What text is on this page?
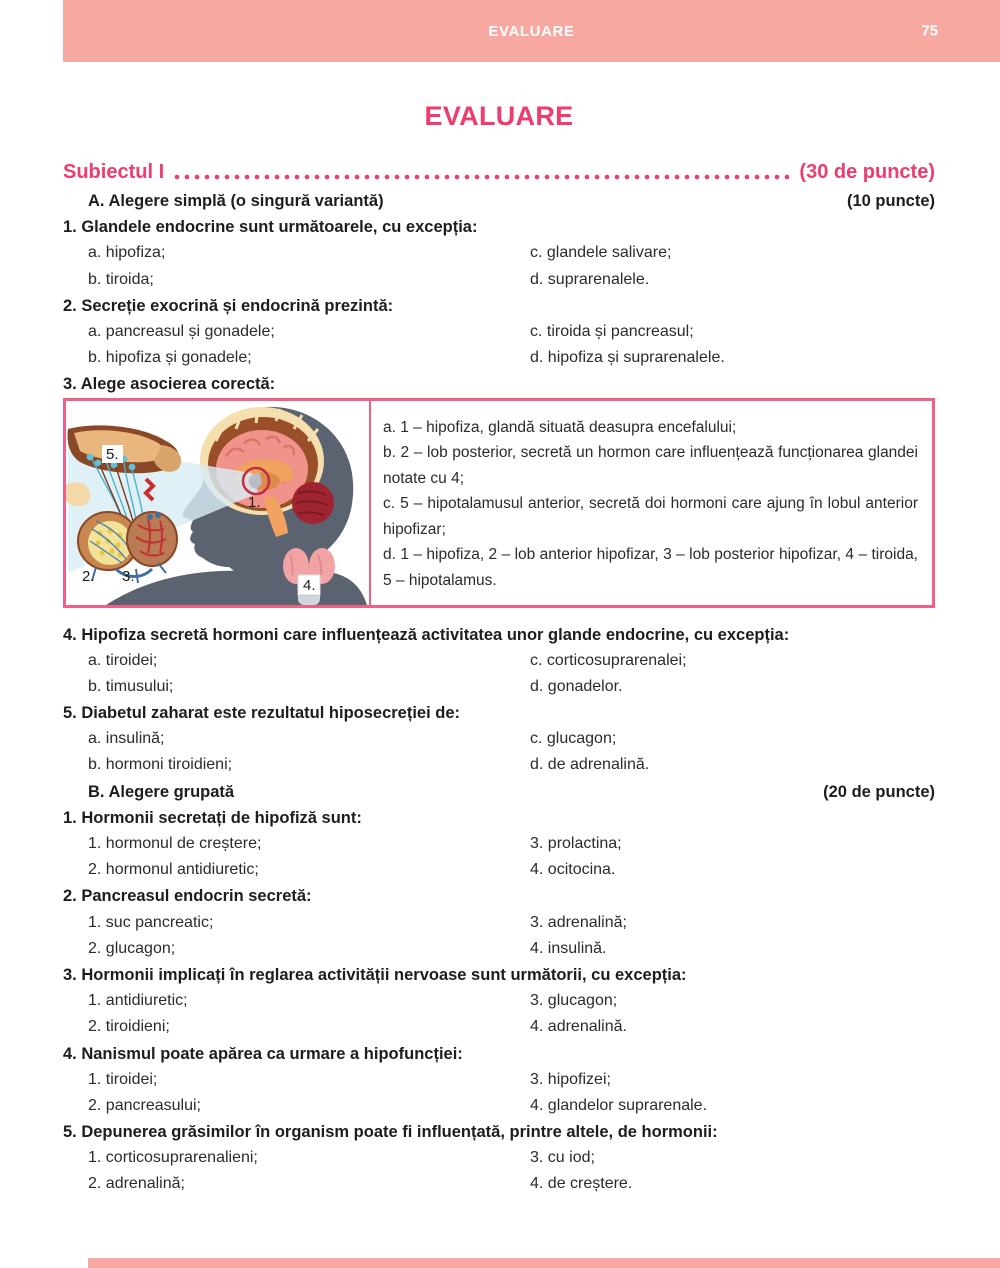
EVALUARE	75
EVALUARE
Subiectul I	(30 de puncte)
A. Alegere simplă (o singură variantă)	(10 puncte)
1. Glandele endocrine sunt următoarele, cu excepția:
a. hipofiza;	c. glandele salivare;
b. tiroida;	d. suprarenalele.
2. Secreție exocrină și endocrină prezintă:
a. pancreasul și gonadele;	c. tiroida și pancreasul;
b. hipofiza și gonadele;	d. hipofiza și suprarenalele.
3. Alege asocierea corectă:
5.
1.
2. 3.
4.

a. 1 – hipofiza, glandă situată deasupra encefalului;

b. 2 – lob posterior, secretă un hormon care influențează funcționarea glandei notate cu 4;

c. 5 – hipotalamusul anterior, secretă doi hormoni care ajung în lobul anterior hipofizar;

d. 1 – hipofiza, 2 – lob anterior hipofizar, 3 – lob posterior hipofizar, 4 – tiroida, 5 – hipotalamus.

4. Hipofiza secretă hormoni care influențează activitatea unor glande endocrine, cu excepția:
a. tiroidei;	c. corticosuprarenalei;
b. timusului;	d. gonadelor.
5. Diabetul zaharat este rezultatul hiposecreției de:
a. insulină;	c. glucagon;
b. hormoni tiroidieni;	d. de adrenalină.
B. Alegere grupată	(20 de puncte)
1. Hormonii secretați de hipofiză sunt:
1. hormonul de creștere;	3. prolactina;
2. hormonul antidiuretic;	4. ocitocina.
2. Pancreasul endocrin secretă:
1. suc pancreatic;	3. adrenalină;
2. glucagon;	4. insulină.
3. Hormonii implicați în reglarea activității nervoase sunt următorii, cu excepția:
1. antidiuretic;	3. glucagon;
2. tiroidieni;	4. adrenalină.
4. Nanismul poate apărea ca urmare a hipofuncției:
1. tiroidei;	3. hipofizei;
2. pancreasului;	4. glandelor suprarenale.
5. Depunerea grăsimilor în organism poate fi influențată, printre altele, de hormonii:
1. corticosuprarenalieni;	3. cu iod;
2. adrenalină;	4. de creștere.
